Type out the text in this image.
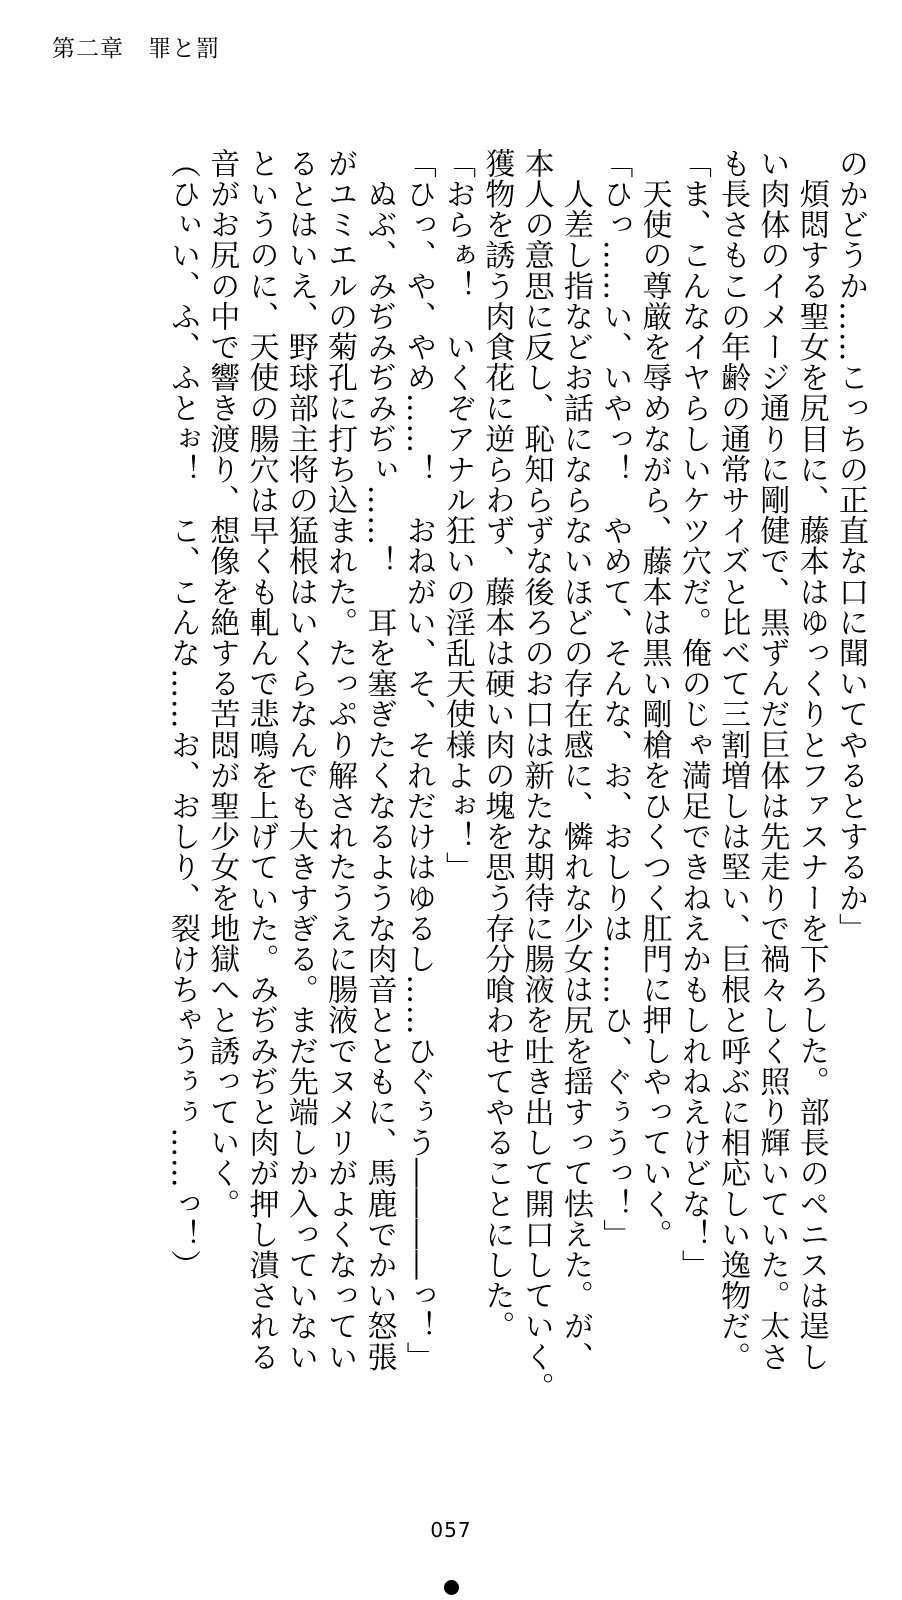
第二章　罪と罰
のかどうか……こっちの正直な口に聞いてやるとするか」
　煩悶する聖女を尻目に、藤本はゆっくりとファスナーを下ろした。部長のペニスは逞し
い肉体のイメージ通りに剛健で、黒ずんだ巨体は先走りで禍々しく照り輝いていた。太さ
も長さもこの年齢の通常サイズと比べて三割増しは堅い、巨根と呼ぶに相応しい逸物だ。
「ま、こんなイヤらしいケツ穴だ。俺のじゃ満足できねえかもしれねえけどな！」
　天使の尊厳を辱めながら、藤本は黒い剛槍をひくつく肛門に押しやっていく。
「ひっ……い、いやっ！　やめて、そんな、お、おしりは……ひ、ぐぅうっ！」
　人差し指などお話にならないほどの存在感に、憐れな少女は尻を揺すって怯えた。が、
本人の意思に反し、恥知らずな後ろのお口は新たな期待に腸液を吐き出して開口していく。
獲物を誘う肉食花に逆らわず、藤本は硬い肉の塊を思う存分喰わせてやることにした。
「おらぁ！　いくぞアナル狂いの淫乱天使様よぉ！」
「ひっ、や、やめ……！　おねがい、そ、それだけはゆるし……ひぐぅう――――っ！」
　ぬぶ、みぢみぢみぢぃ……！　耳を塞ぎたくなるような肉音とともに、馬鹿でかい怒張
がユミエルの菊孔に打ち込まれた。たっぷり解されたうえに腸液でヌメリがよくなってい
るとはいえ、野球部主将の猛根はいくらなんでも大きすぎる。まだ先端しか入っていない
というのに、天使の腸穴は早くも軋んで悲鳴を上げていた。みぢみぢと肉が押し潰される
音がお尻の中で響き渡り、想像を絶する苦悶が聖少女を地獄へと誘っていく。
（ひぃい、ふ、ふとぉ！　こ、こんな……お、おしり、裂けちゃうぅぅ……っ！）
057
